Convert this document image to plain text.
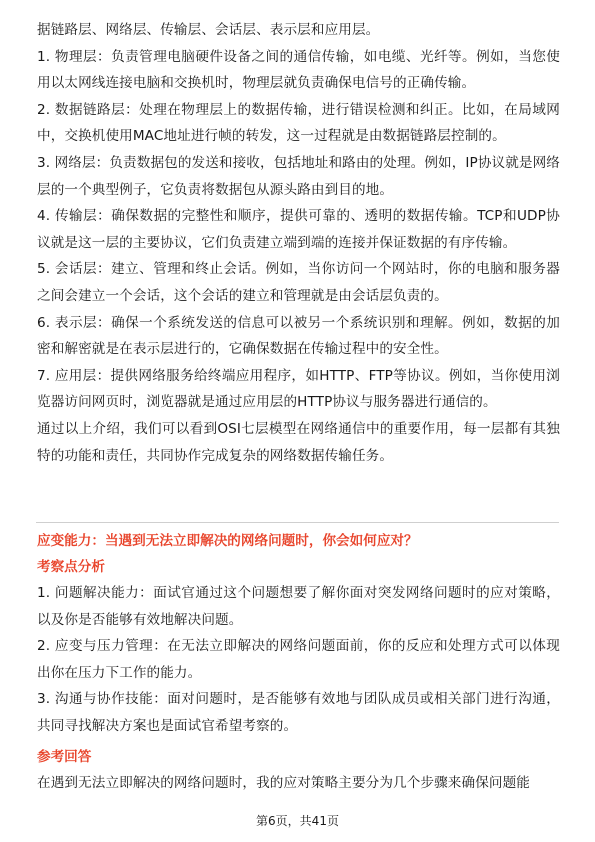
据链路层、网络层、传输层、会话层、表示层和应用层。

1. 物理层：负责管理电脑硬件设备之间的通信传输，如电缆、光纤等。例如，当您使用以太网线连接电脑和交换机时，物理层就负责确保电信号的正确传输。

2. 数据链路层：处理在物理层上的数据传输，进行错误检测和纠正。比如，在局域网中，交换机使用MAC地址进行帧的转发，这一过程就是由数据链路层控制的。

3. 网络层：负责数据包的发送和接收，包括地址和路由的处理。例如，IP协议就是网络层的一个典型例子，它负责将数据包从源头路由到目的地。

4. 传输层：确保数据的完整性和顺序，提供可靠的、透明的数据传输。TCP和UDP协议就是这一层的主要协议，它们负责建立端到端的连接并保证数据的有序传输。

5. 会话层：建立、管理和终止会话。例如，当你访问一个网站时，你的电脑和服务器之间会建立一个会话，这个会话的建立和管理就是由会话层负责的。

6. 表示层：确保一个系统发送的信息可以被另一个系统识别和理解。例如，数据的加密和解密就是在表示层进行的，它确保数据在传输过程中的安全性。

7. 应用层：提供网络服务给终端应用程序，如HTTP、FTP等协议。例如，当你使用浏览器访问网页时，浏览器就是通过应用层的HTTP协议与服务器进行通信的。

通过以上介绍，我们可以看到OSI七层模型在网络通信中的重要作用，每一层都有其独特的功能和责任，共同协作完成复杂的网络数据传输任务。

应变能力：当遇到无法立即解决的网络问题时，你会如何应对？

考察点分析

1. 问题解决能力：面试官通过这个问题想要了解你面对突发网络问题时的应对策略，以及你是否能够有效地解决问题。

2. 应变与压力管理：在无法立即解决的网络问题面前，你的反应和处理方式可以体现出你在压力下工作的能力。

3. 沟通与协作技能：面对问题时，是否能够有效地与团队成员或相关部门进行沟通，共同寻找解决方案也是面试官希望考察的。

参考回答

在遇到无法立即解决的网络问题时，我的应对策略主要分为几个步骤来确保问题能

第6页，共41页
